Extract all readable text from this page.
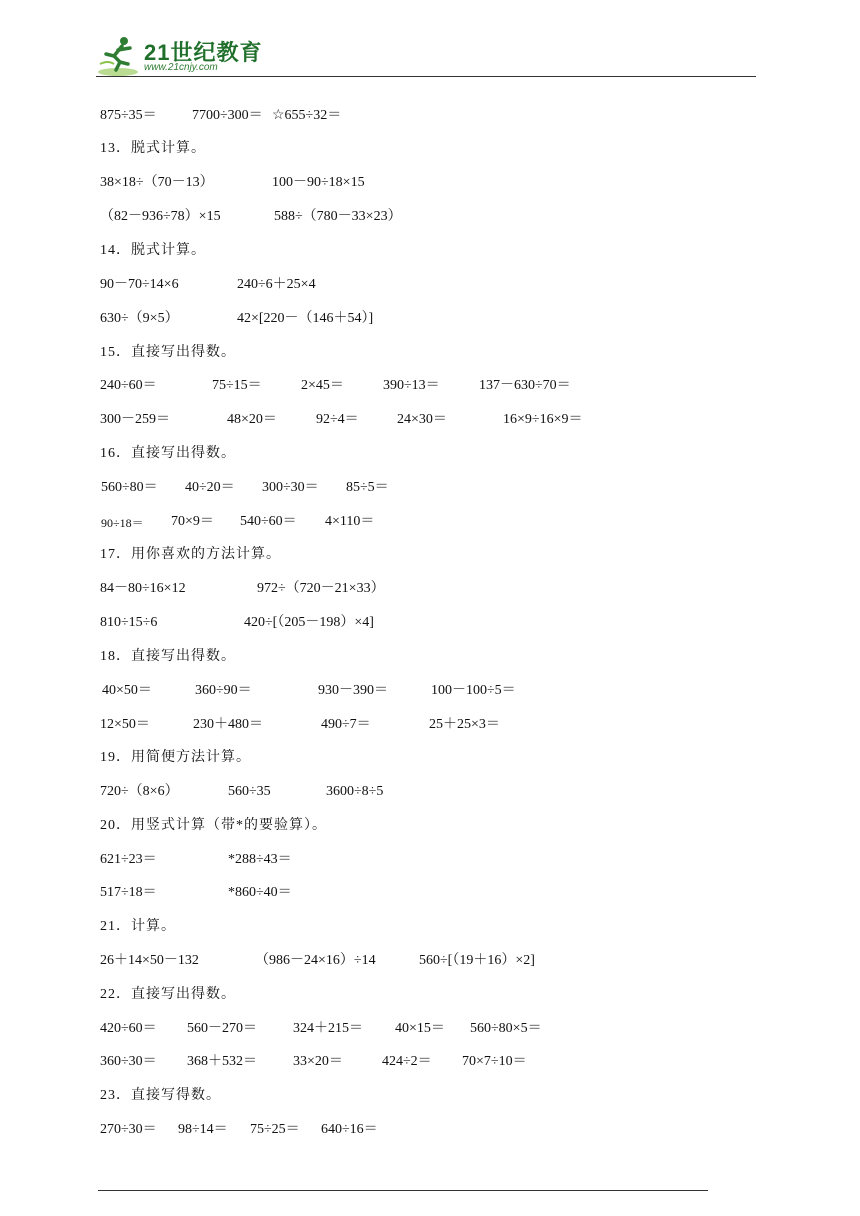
21世纪教育
www.21cnjy.com
875÷35＝	7700÷300＝ ☆655÷32＝
13．脱式计算。
38×18÷（70－13）	100－90÷18×15
（82－936÷78）×15	588÷（780－33×23）
14．脱式计算。
90－70÷14×6	240÷6＋25×4
630÷（9×5）	42×[220－（146＋54）]
15．直接写出得数。
240÷60＝	75÷15＝	2×45＝	390÷13＝	137－630÷70＝
300－259＝	48×20＝	92÷4＝	24×30＝	16×9÷16×9＝
16．直接写出得数。
560÷80＝ 40÷20＝ 300÷30＝ 85÷5＝
90÷18＝ 70×9＝ 540÷60＝ 4×110＝
17．用你喜欢的方法计算。
84－80÷16×12	972÷（720－21×33）
810÷15÷6	420÷[（205－198）×4]
18．直接写出得数。
40×50＝	360÷90＝	930－390＝	100－100÷5＝
12×50＝	230＋480＝	490÷7＝	25＋25×3＝
19．用简便方法计算。
720÷（8×6）	560÷35	3600÷8÷5
20．用竖式计算（带*的要验算）。
621÷23＝	*288÷43＝
517÷18＝	*860÷40＝
21．计算。
26＋14×50－132	（986－24×16）÷14	560÷[（19＋16）×2]
22．直接写出得数。
420÷60＝ 560－270＝	324＋215＝ 40×15＝ 560÷80×5＝
360÷30＝ 368＋532＝	33×20＝	424÷2＝ 70×7÷10＝
23．直接写得数。
270÷30＝ 98÷14＝ 75÷25＝ 640÷16＝
